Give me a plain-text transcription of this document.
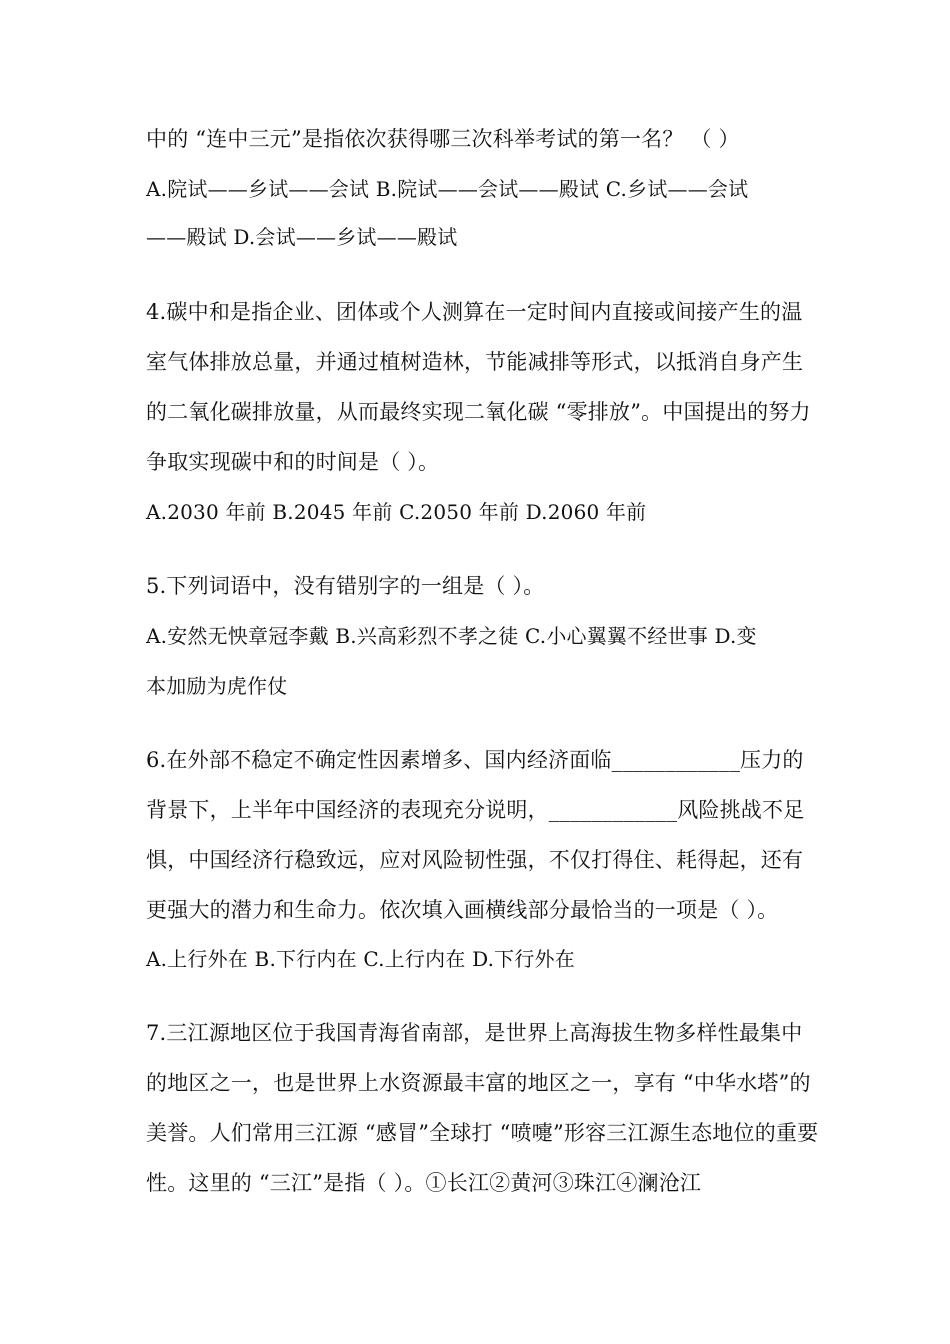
中的 “连中三元”是指依次获得哪三次科举考试的第一名？ （ ）
A.院试——乡试——会试 B.院试——会试——殿试 C.乡试——会试
——殿试 D.会试——乡试——殿试
4.碳中和是指企业、团体或个人测算在一定时间内直接或间接产生的温
室气体排放总量，并通过植树造林，节能减排等形式，以抵消自身产生
的二氧化碳排放量，从而最终实现二氧化碳 “零排放”。中国提出的努力
争取实现碳中和的时间是（ ）。
A.2030 年前 B.2045 年前 C.2050 年前 D.2060 年前
5.下列词语中，没有错别字的一组是（ ）。
A.安然无怏章冠李戴 B.兴高彩烈不孝之徒 C.小心翼翼不经世事 D.变
本加励为虎作仗
6.在外部不稳定不确定性因素增多、国内经济面临____________压力的
背景下，上半年中国经济的表现充分说明，____________风险挑战不足
惧，中国经济行稳致远，应对风险韧性强，不仅打得住、耗得起，还有
更强大的潜力和生命力。依次填入画横线部分最恰当的一项是（ ）。
A.上行外在 B.下行内在 C.上行内在 D.下行外在
7.三江源地区位于我国青海省南部，是世界上高海拔生物多样性最集中
的地区之一，也是世界上水资源最丰富的地区之一，享有 “中华水塔”的
美誉。人们常用三江源 “感冒”全球打 “喷嚏”形容三江源生态地位的重要
性。这里的 “三江”是指（ ）。①长江②黄河③珠江④澜沧江
